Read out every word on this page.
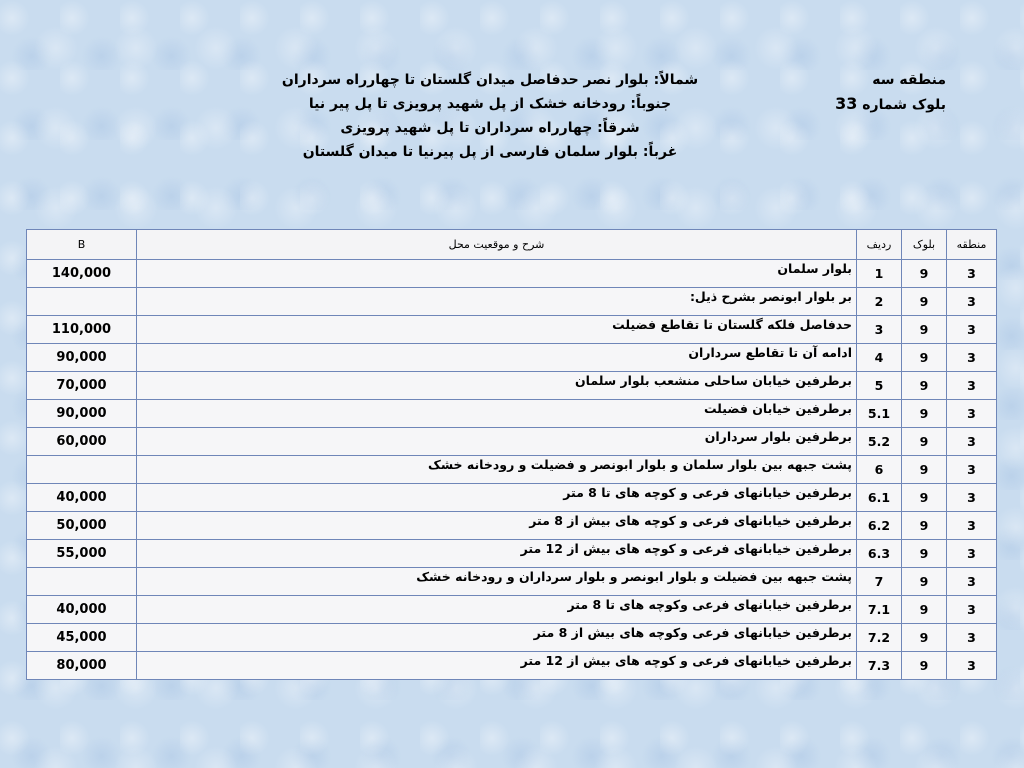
شمالاً: بلوار نصر حدفاصل میدان گلستان تا چهارراه سرداران
جنوباً: رودخانه خشک از پل شهید پرویزی تا پل پیر نیا
شرقاً: چهارراه سرداران تا پل شهید پرویزی
غرباً: بلوار سلمان فارسی از پل پیرنیا تا میدان گلستان
منطقه سه
بلوک شماره 33
B	شرح و موقعیت محل	ردیف	بلوک	منطقه
140,000	بلوار سلمان	1	9	3
	بر بلوار ابونصر بشرح ذیل:	2	9	3
110,000	حدفاصل فلکه گلستان تا تقاطع فضیلت	3	9	3
90,000	ادامه آن تا تقاطع سرداران	4	9	3
70,000	برطرفین خیابان ساحلی منشعب بلوار سلمان	5	9	3
90,000	برطرفین خیابان فضیلت	5.1	9	3
60,000	برطرفین بلوار سرداران	5.2	9	3
	پشت جبهه بین بلوار سلمان و بلوار ابونصر و فضیلت و رودخانه خشک	6	9	3
40,000	برطرفین خیابانهای فرعی و کوچه های تا 8 متر	6.1	9	3
50,000	برطرفین خیابانهای فرعی و کوچه های بیش از 8 متر	6.2	9	3
55,000	برطرفین خیابانهای فرعی و کوچه های بیش از 12 متر	6.3	9	3
	پشت جبهه بین فضیلت و بلوار ابونصر و بلوار سرداران و رودخانه خشک	7	9	3
40,000	برطرفین خیابانهای فرعی وکوچه های تا 8 متر	7.1	9	3
45,000	برطرفین خیابانهای فرعی وکوچه های بیش از 8 متر	7.2	9	3
80,000	برطرفین خیابانهای فرعی و کوچه های بیش از 12 متر	7.3	9	3
